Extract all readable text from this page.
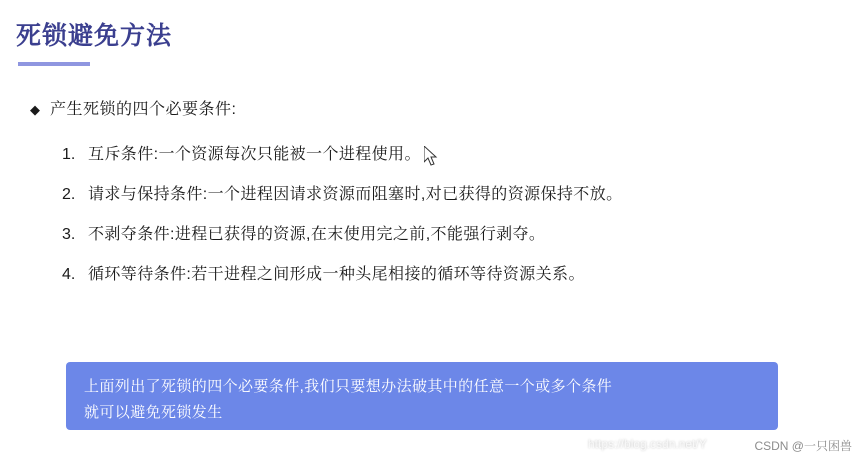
死锁避免方法
◆ 产生死锁的四个必要条件:
1. 互斥条件:一个资源每次只能被一个进程使用。
2. 请求与保持条件:一个进程因请求资源而阻塞时,对已获得的资源保持不放。
3. 不剥夺条件:进程已获得的资源,在末使用完之前,不能强行剥夺。
4. 循环等待条件:若干进程之间形成一种头尾相接的循环等待资源关系。
上面列出了死锁的四个必要条件,我们只要想办法破其中的任意一个或多个条件
就可以避免死锁发生
https://blog.csdn.net/Y	CSDN @一只困兽
